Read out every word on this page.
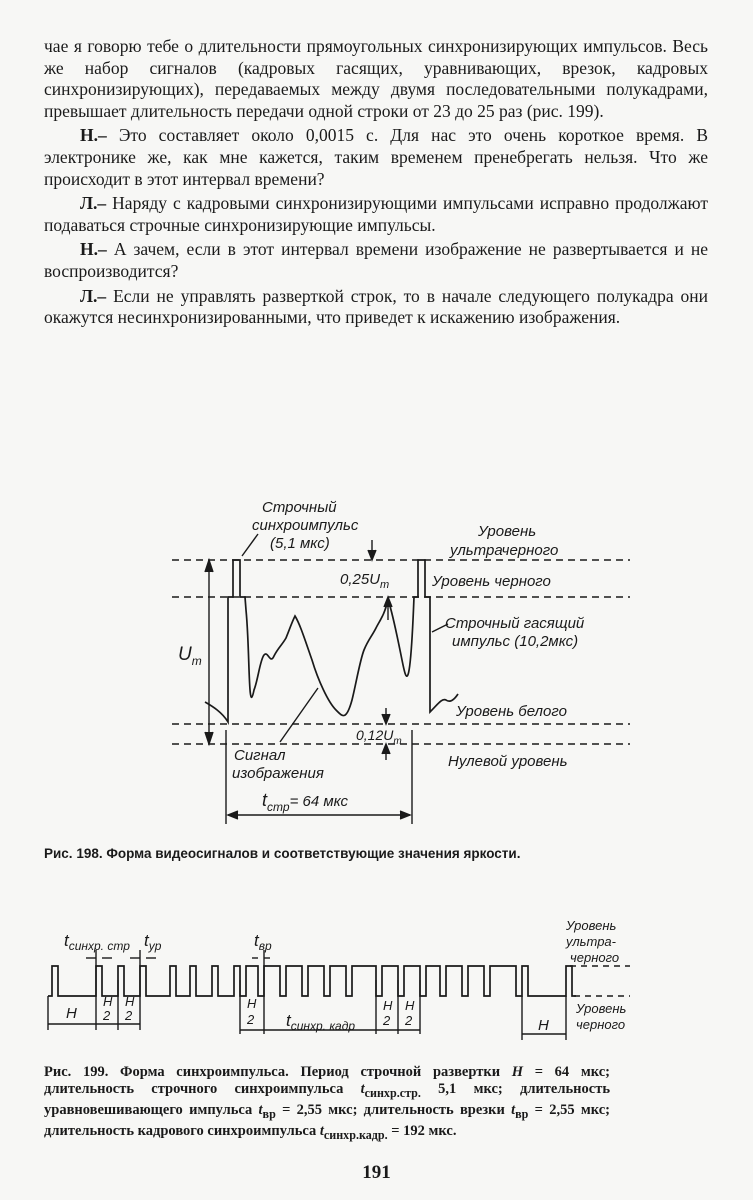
чае я говорю тебе о длительности прямоугольных синхронизирующих импульсов. Весь же набор сигналов (кадровых гасящих, уравнивающих, врезок, кадровых синхронизирующих), передаваемых между двумя последовательными полукадрами, превышает длительность передачи одной строки от 23 до 25 раз (рис. 199).

Н.– Это составляет около 0,0015 с. Для нас это очень короткое время. В электронике же, как мне кажется, таким временем пренебрегать нельзя. Что же происходит в этот интервал времени?

Л.– Наряду с кадровыми синхронизирующими импульсами исправно продолжают подаваться строчные синхронизирующие импульсы.

Н.– А зачем, если в этот интервал времени изображение не развертывается и не воспроизводится?

Л.– Если не управлять разверткой строк, то в начале следующего полукадра они окажутся несинхронизированными, что приведет к искажению изображения.

Строчный
синхроимпульс
(5,1 мкс)
Уровень
ультрачерного
Уровень черного
$0,25U_m$
Строчный гасящий
импульс (10,2мкс)
$U_m$
Уровень белого
$0,12U_m$
Сигнал
изображения
Нулевой уровень
$t_{стр}^{= 64 мкс}$
Рис. 198. Форма видеосигналов и соответствующие значения яркости.
$t_{синхр. стр}$ $t_{ур}$	$t_{вр}$
$t_{синхр. кадр}$
H
H
H
2
H
2
H
2
H
2
H
2
Уровень
ультра-
черного
Уровень
черного
Рис. 199. Форма синхроимпульса. Период строчной развертки H = 64 мкс; длительность строчного синхроимпульса $t_{синхр.стр.}$ 5,1 мкс; длительность уравновешивающего импульса $t_{вр} = 2,55$ мкс; длительность врезки $t_{вр} = 2,55$ мкс; длительность кадрового синхроимпульса $t_{синхр.кадр.} = 192$ мкс.
191
